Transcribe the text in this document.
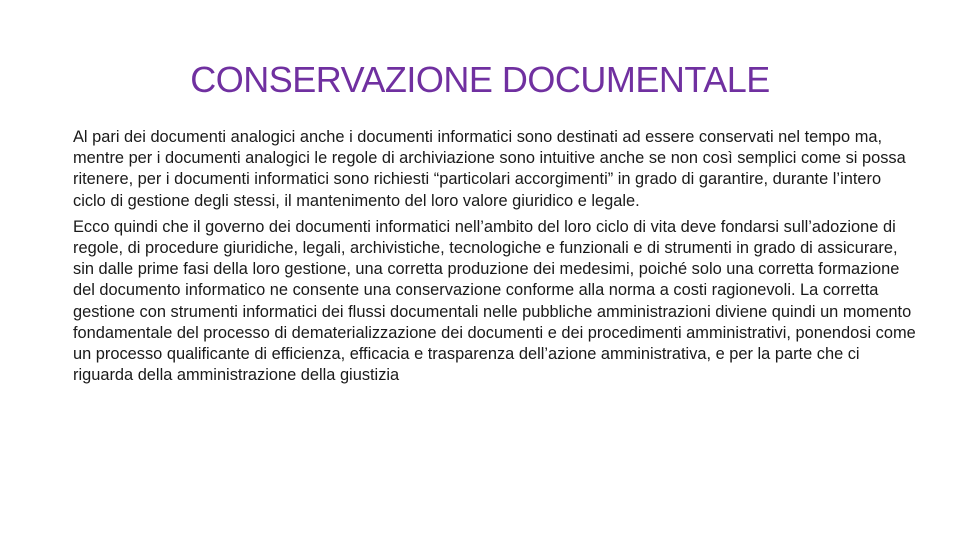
CONSERVAZIONE DOCUMENTALE

Al pari dei documenti analogici anche i documenti informatici sono destinati ad essere conservati nel tempo ma, mentre per i documenti analogici le regole di archiviazione sono intuitive anche se non così semplici come si possa ritenere, per i documenti informatici sono richiesti “particolari accorgimenti” in grado di garantire, durante l’intero ciclo di gestione degli stessi, il mantenimento del loro valore giuridico e legale.

Ecco quindi che il governo dei documenti informatici nell’ambito del loro ciclo di vita deve fondarsi sull’adozione di regole, di procedure giuridiche, legali, archivistiche, tecnologiche e funzionali e di strumenti in grado di assicurare, sin dalle prime fasi della loro gestione, una corretta produzione dei medesimi, poiché solo una corretta formazione del documento informatico ne consente una conservazione conforme alla norma a costi ragionevoli. La corretta gestione con strumenti informatici dei flussi documentali nelle pubbliche amministrazioni diviene quindi un momento fondamentale del processo di dematerializzazione dei documenti e dei procedimenti amministrativi, ponendosi come un processo qualificante di efficienza, efficacia e trasparenza dell’azione amministrativa, e per la parte che ci riguarda della amministrazione della giustizia
